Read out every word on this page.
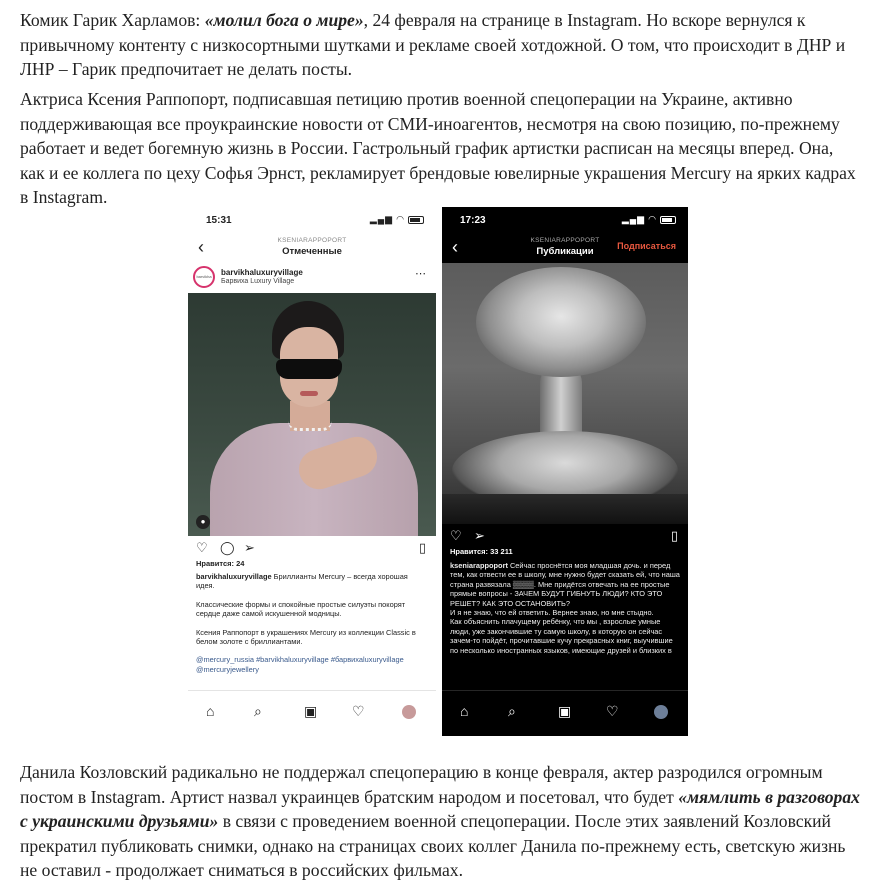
Комик Гарик Харламов: «молил бога о мире», 24 февраля на странице в Instagram. Но вскоре вернулся к привычному контенту с низкосортными шутками и рекламе своей хотдожной. О том, что происходит в ДНР и ЛНР – Гарик предпочитает не делать посты.

Актриса Ксения Раппопорт, подписавшая петицию против военной спецоперации на Украине, активно поддерживающая все проукраинские новости от СМИ-иноагентов, несмотря на свою позицию, по-прежнему работает и ведет богемную жизнь в России. Гастрольный график артистки расписан на месяцы вперед. Она, как и ее коллега по цеху Софья Эрнст, рекламирует брендовые ювелирные украшения Mercury на ярких кадрах в Instagram.

15:31	▂▄▆ ◠
‹	KSENIARAPPOPORT
Отмеченные
barvikha	barvikhaluxuryvillage
Барвиха Luxury Village
⋯
●
♡ ◯ ➢	▯
Нравится: 24
barvikhaluxuryvillage Бриллианты Mercury – всегда хорошая идея.
Классические формы и спокойные простые силуэты покорят сердце даже самой искушенной модницы.
Ксения Раппопорт в украшениях Mercury из коллекции Classic в белом золоте с бриллиантами.
@mercury_russia #barvikhaluxuryvillage #барвихаluxuryvillage @mercuryjewellery
⌂	⌕	▣ ♡
17:23	▂▄▆ ◠
‹	KSENIARAPPOPORT
Публикации	Подписаться
♡ ➢	▯
Нравится: 33 211
kseniarappoport Сейчас проснётся моя младшая дочь. и перед тем, как отвести ее в школу, мне нужно будет сказать ей, что наша страна развязала ▒▒▒▒. Мне придётся отвечать на ее простые прямые вопросы - ЗАЧЕМ БУДУТ ГИБНУТЬ ЛЮДИ? КТО ЭТО РЕШЕТ? КАК ЭТО ОСТАНОВИТЬ?
И я не знаю, что ей ответить. Вернее знаю, но мне стыдно.
Как объяснить плачущему ребёнку, что мы , взрослые умные люди, уже закончившие ту самую школу, в которую он сейчас зачем-то пойдёт, прочитавшие кучу прекрасных книг, выучившие по несколько иностранных языков, имеющие друзей и близких в
⌂	⌕	▣ ♡

Данила Козловский радикально не поддержал спецоперацию в конце февраля, актер разродился огромным постом в Instagram. Артист назвал украинцев братским народом и посетовал, что будет «мямлить в разговорах с украинскими друзьями» в связи с проведением военной спецоперации. После этих заявлений Козловский прекратил публиковать снимки, однако на страницах своих коллег Данила по-прежнему есть, светскую жизнь не оставил - продолжает сниматься в российских фильмах.
